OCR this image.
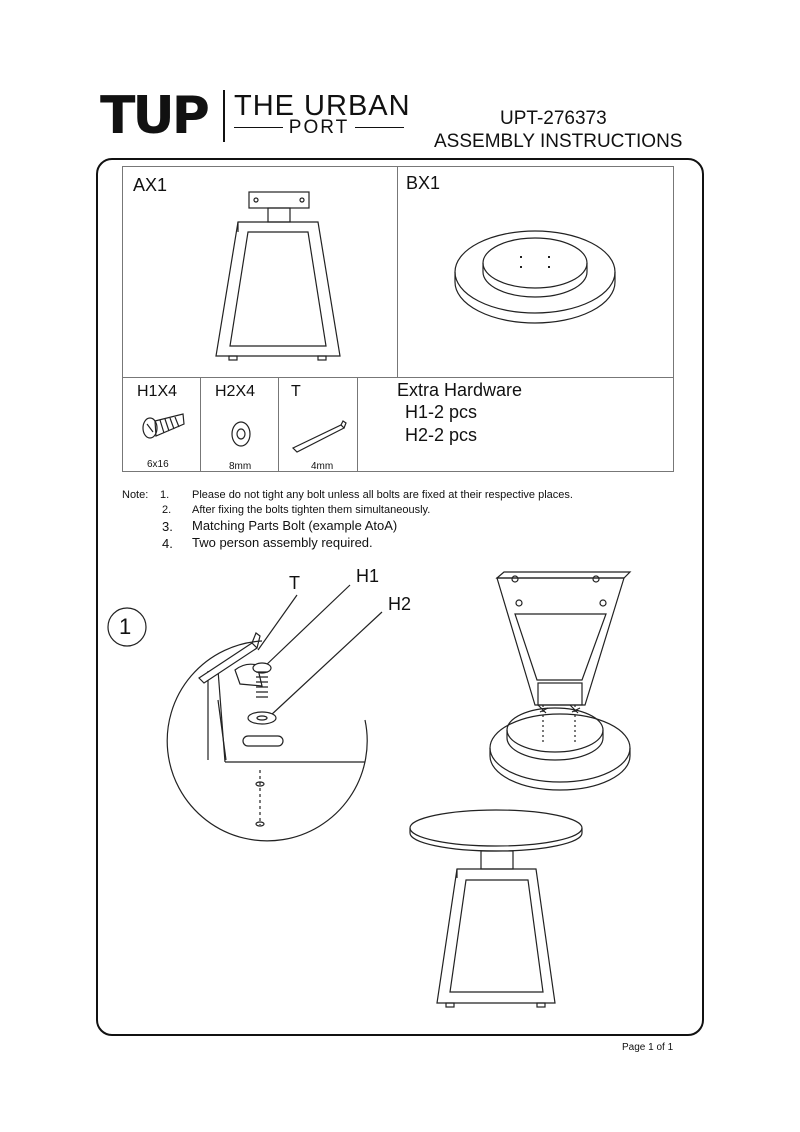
TUP THE URBAN
PORT	UPT-276373
ASSEMBLY INSTRUCTIONS
AX1	BX1
H1X4 H2X4 T
6x16	8mm	4mm
Extra Hardware
H1-2 pcs
H2-2 pcs
Note: 1. Please do not tight any bolt unless all bolts are fixed at their respective places.
2. After fixing the bolts tighten them simultaneously.
3. Matching Parts Bolt (example AtoA)
4. Two person assembly required.
1
T	H1
H2
Page 1 of 1
